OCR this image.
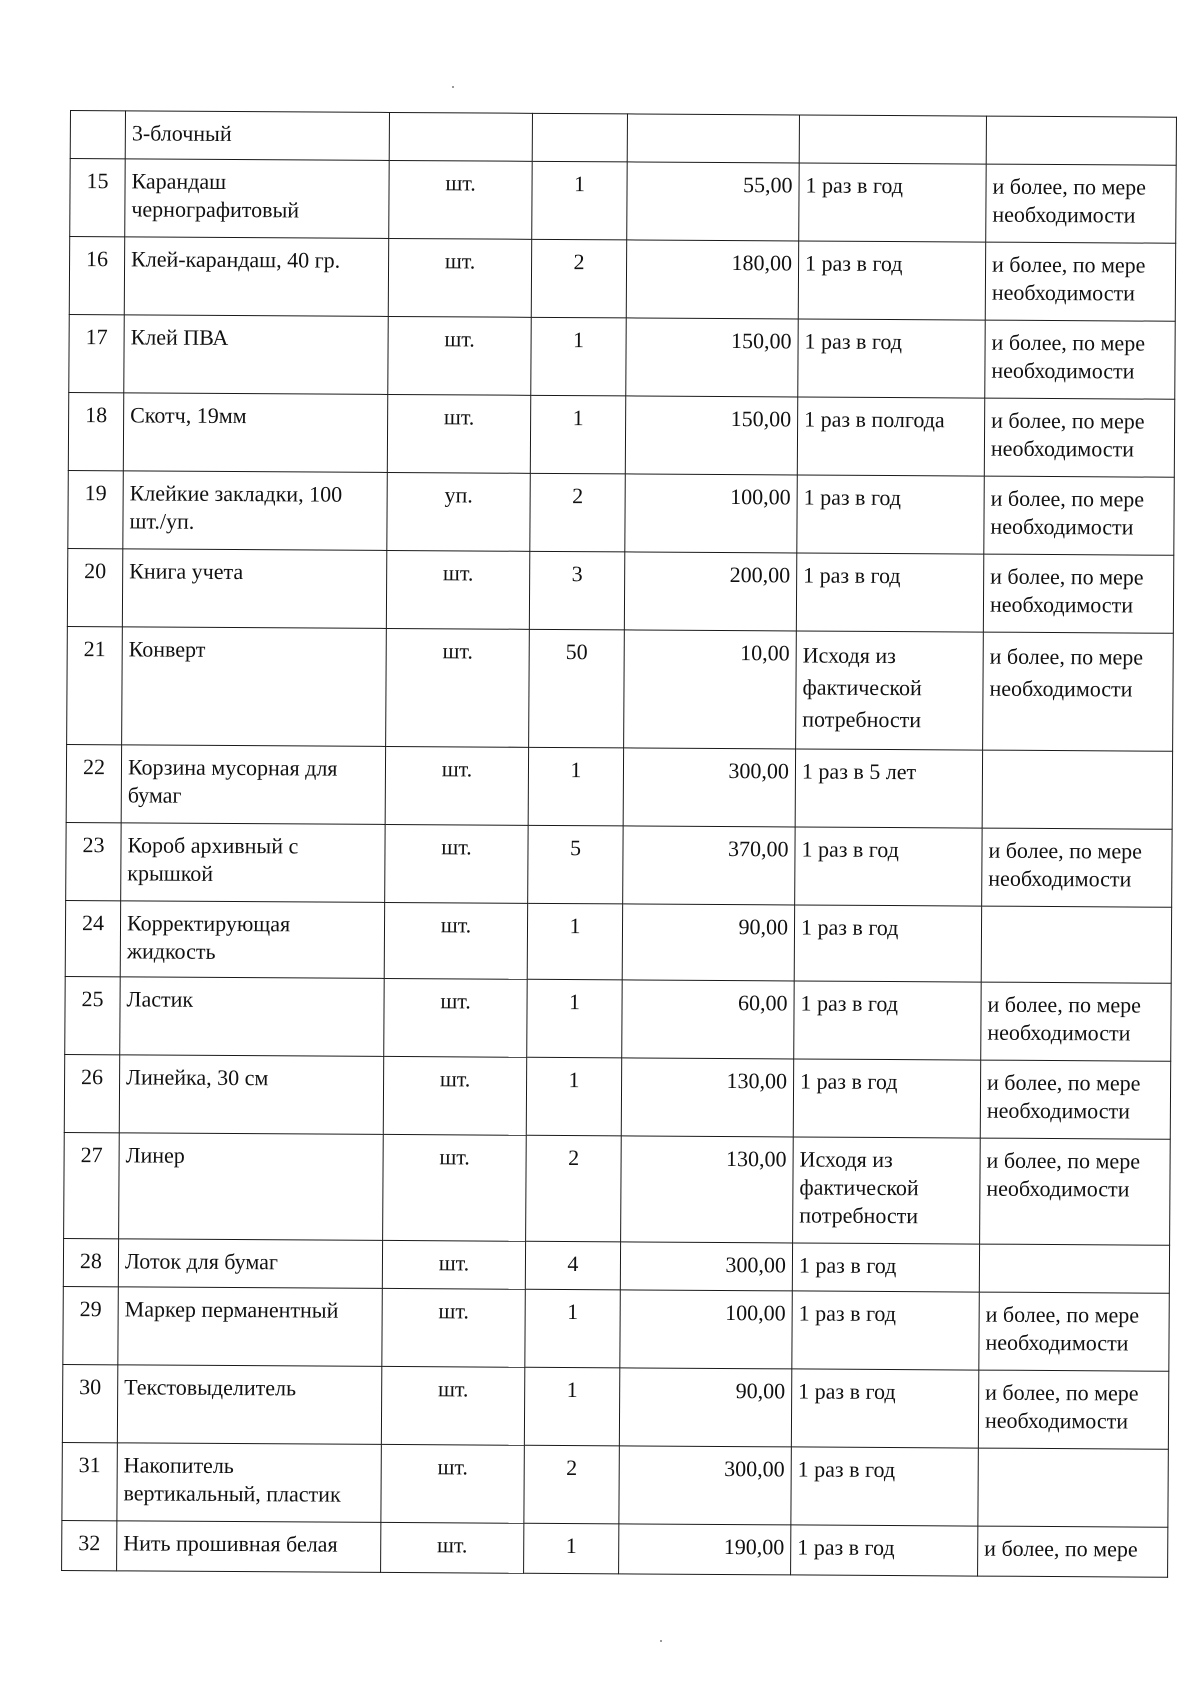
	3-блочный					
15	Карандаш чернографитовый	шт.	1	55,00	1 раз в год	и более, по мере необходимости
16	Клей-карандаш, 40 гр.	шт.	2	180,00	1 раз в год	и более, по мере необходимости
17	Клей ПВА	шт.	1	150,00	1 раз в год	и более, по мере необходимости
18	Скотч, 19мм	шт.	1	150,00	1 раз в полгода	и более, по мере необходимости
19	Клейкие закладки, 100 шт./уп.	уп.	2	100,00	1 раз в год	и более, по мере необходимости
20	Книга учета	шт.	3	200,00	1 раз в год	и более, по мере необходимости
21	Конверт	шт.	50	10,00	Исходя из фактической потребности	и более, по мере необходимости
22	Корзина мусорная для бумаг	шт.	1	300,00	1 раз в 5 лет	
23	Короб архивный с крышкой	шт.	5	370,00	1 раз в год	и более, по мере необходимости
24	Корректирующая жидкость	шт.	1	90,00	1 раз в год	
25	Ластик	шт.	1	60,00	1 раз в год	и более, по мере необходимости
26	Линейка, 30 см	шт.	1	130,00	1 раз в год	и более, по мере необходимости
27	Линер	шт.	2	130,00	Исходя из фактической потребности	и более, по мере необходимости
28	Лоток для бумаг	шт.	4	300,00	1 раз в год	
29	Маркер перманентный	шт.	1	100,00	1 раз в год	и более, по мере необходимости
30	Текстовыделитель	шт.	1	90,00	1 раз в год	и более, по мере необходимости
31	Накопитель вертикальный, пластик	шт.	2	300,00	1 раз в год	
32	Нить прошивная белая	шт.	1	190,00	1 раз в год	и более, по мере
